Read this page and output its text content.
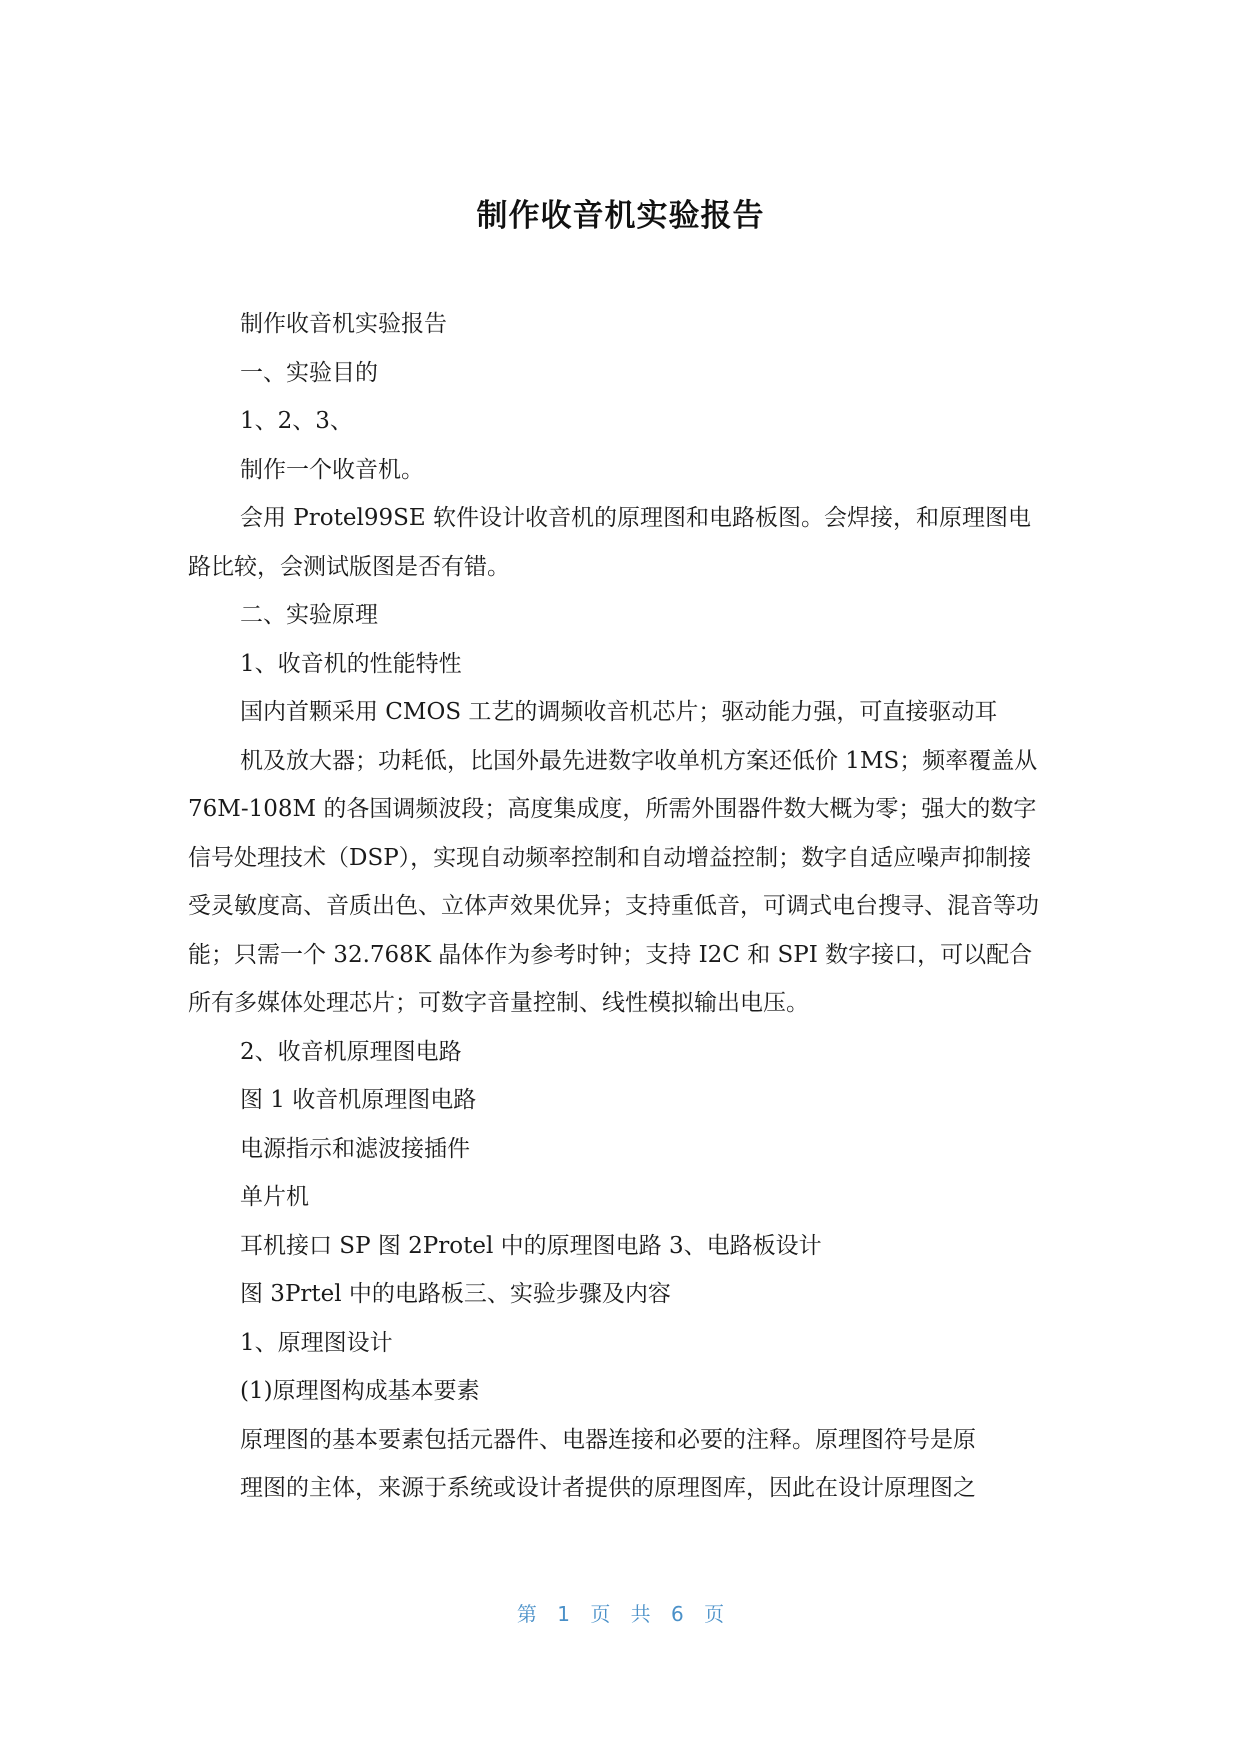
制作收音机实验报告

制作收音机实验报告

一、实验目的

1、2、3、

制作一个收音机。

会用 Protel99SE 软件设计收音机的原理图和电路板图。会焊接，和原理图电路比较，会测试版图是否有错。

二、实验原理

1、收音机的性能特性

国内首颗采用 CMOS 工艺的调频收音机芯片；驱动能力强，可直接驱动耳

机及放大器；功耗低，比国外最先进数字收单机方案还低价 1MS；频率覆盖从 76M-108M 的各国调频波段；高度集成度，所需外围器件数大概为零；强大的数字信号处理技术（DSP），实现自动频率控制和自动增益控制；数字自适应噪声抑制接受灵敏度高、音质出色、立体声效果优异；支持重低音，可调式电台搜寻、混音等功能；只需一个 32.768K 晶体作为参考时钟；支持 I2C 和 SPI 数字接口，可以配合所有多媒体处理芯片；可数字音量控制、线性模拟输出电压。

2、收音机原理图电路

图 1 收音机原理图电路

电源指示和滤波接插件

单片机

耳机接口 SP 图 2Protel 中的原理图电路 3、电路板设计

图 3Prtel 中的电路板三、实验步骤及内容

1、原理图设计

(1)原理图构成基本要素

原理图的基本要素包括元器件、电器连接和必要的注释。原理图符号是原

理图的主体，来源于系统或设计者提供的原理图库，因此在设计原理图之

第 1 页 共 6 页
